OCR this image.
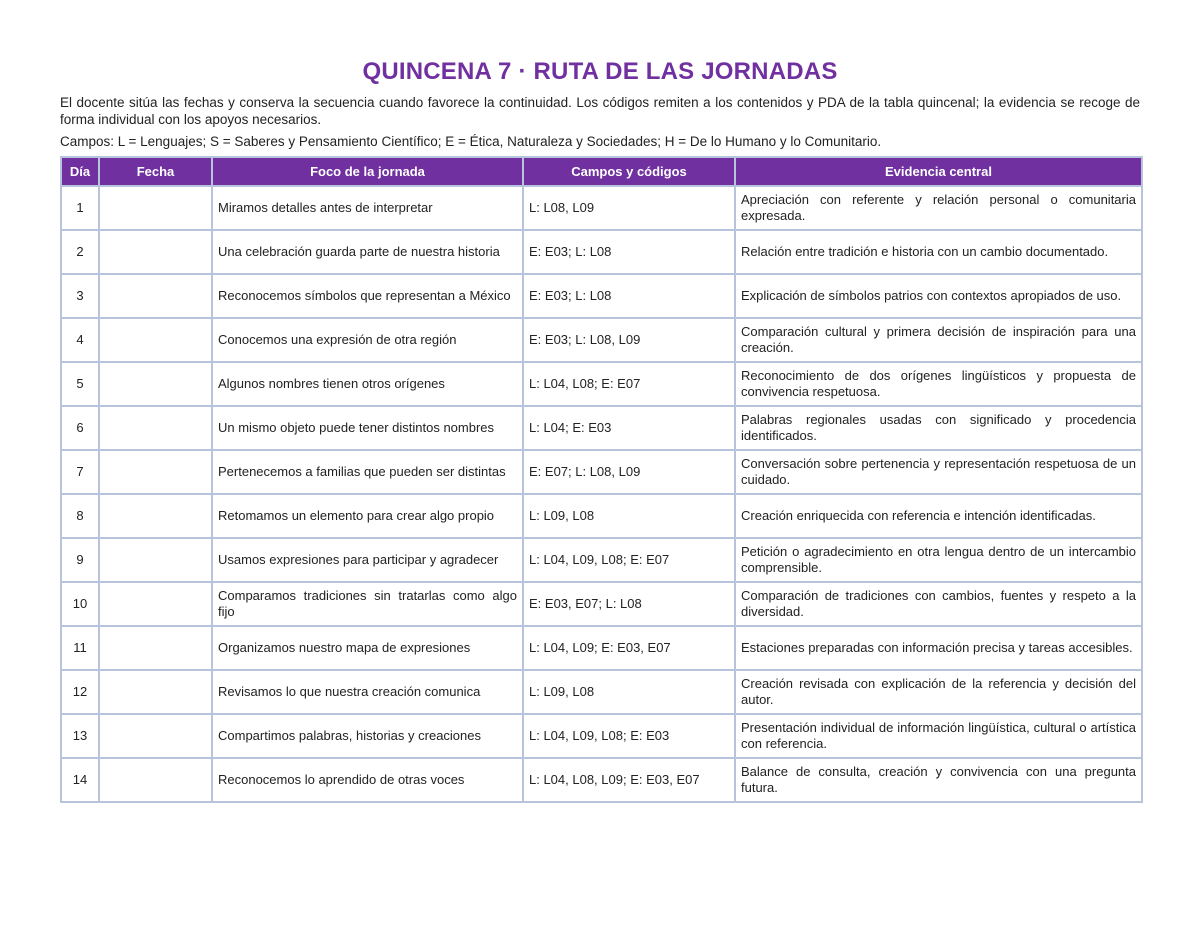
QUINCENA 7 · RUTA DE LAS JORNADAS
El docente sitúa las fechas y conserva la secuencia cuando favorece la continuidad. Los códigos remiten a los contenidos y PDA de la tabla quincenal; la evidencia se recoge de forma individual con los apoyos necesarios.
Campos: L = Lenguajes; S = Saberes y Pensamiento Científico; E = Ética, Naturaleza y Sociedades; H = De lo Humano y lo Comunitario.
Día	Fecha	Foco de la jornada	Campos y códigos	Evidencia central
1		Miramos detalles antes de interpretar	L: L08, L09	Apreciación con referente y relación personal o comunitaria expresada.
2		Una celebración guarda parte de nuestra historia	E: E03; L: L08	Relación entre tradición e historia con un cambio documentado.
3		Reconocemos símbolos que representan a México	E: E03; L: L08	Explicación de símbolos patrios con contextos apropiados de uso.
4		Conocemos una expresión de otra región	E: E03; L: L08, L09	Comparación cultural y primera decisión de inspiración para una creación.
5		Algunos nombres tienen otros orígenes	L: L04, L08; E: E07	Reconocimiento de dos orígenes lingüísticos y propuesta de convivencia respetuosa.
6		Un mismo objeto puede tener distintos nombres	L: L04; E: E03	Palabras regionales usadas con significado y procedencia identificados.
7		Pertenecemos a familias que pueden ser distintas	E: E07; L: L08, L09	Conversación sobre pertenencia y representación respetuosa de un cuidado.
8		Retomamos un elemento para crear algo propio	L: L09, L08	Creación enriquecida con referencia e intención identificadas.
9		Usamos expresiones para participar y agradecer	L: L04, L09, L08; E: E07	Petición o agradecimiento en otra lengua dentro de un intercambio comprensible.
10		Comparamos tradiciones sin tratarlas como algo fijo	E: E03, E07; L: L08	Comparación de tradiciones con cambios, fuentes y respeto a la diversidad.
11		Organizamos nuestro mapa de expresiones	L: L04, L09; E: E03, E07	Estaciones preparadas con información precisa y tareas accesibles.
12		Revisamos lo que nuestra creación comunica	L: L09, L08	Creación revisada con explicación de la referencia y decisión del autor.
13		Compartimos palabras, historias y creaciones	L: L04, L09, L08; E: E03	Presentación individual de información lingüística, cultural o artística con referencia.
14		Reconocemos lo aprendido de otras voces	L: L04, L08, L09; E: E03, E07	Balance de consulta, creación y convivencia con una pregunta futura.
